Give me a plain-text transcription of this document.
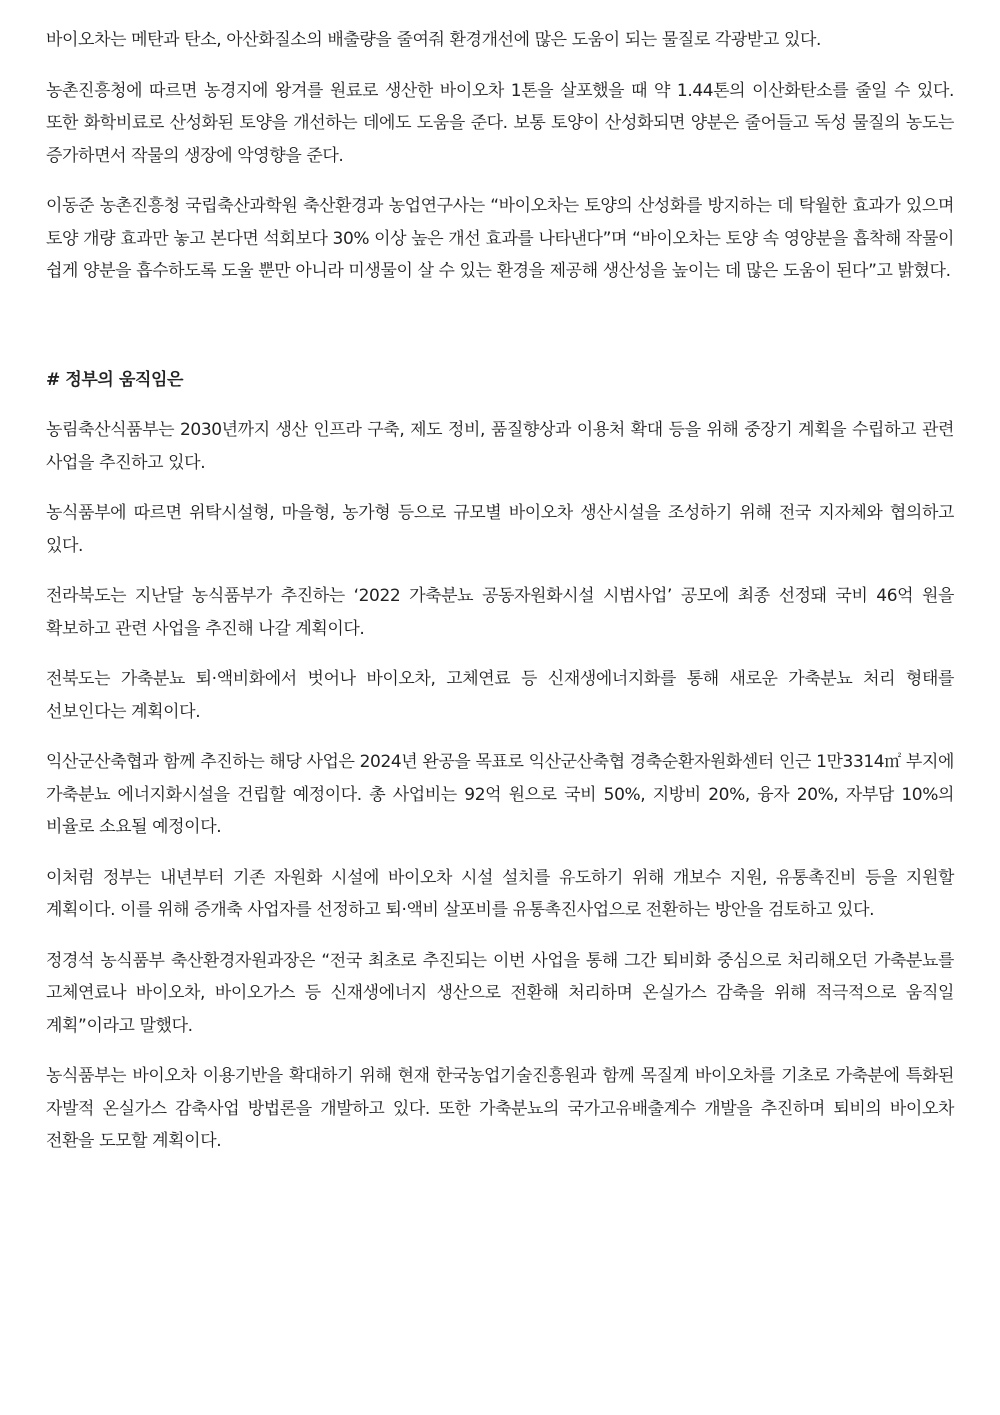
바이오차는 메탄과 탄소, 아산화질소의 배출량을 줄여줘 환경개선에 많은 도움이 되는 물질로 각광받고 있다.

농촌진흥청에 따르면 농경지에 왕겨를 원료로 생산한 바이오차 1톤을 살포했을 때 약 1.44톤의 이산화탄소를 줄일 수 있다. 또한 화학비료로 산성화된 토양을 개선하는 데에도 도움을 준다. 보통 토양이 산성화되면 양분은 줄어들고 독성 물질의 농도는 증가하면서 작물의 생장에 악영향을 준다.

이동준 농촌진흥청 국립축산과학원 축산환경과 농업연구사는 “바이오차는 토양의 산성화를 방지하는 데 탁월한 효과가 있으며 토양 개량 효과만 놓고 본다면 석회보다 30% 이상 높은 개선 효과를 나타낸다”며 “바이오차는 토양 속 영양분을 흡착해 작물이 쉽게 양분을 흡수하도록 도울 뿐만 아니라 미생물이 살 수 있는 환경을 제공해 생산성을 높이는 데 많은 도움이 된다”고 밝혔다.

# 정부의 움직임은

농림축산식품부는 2030년까지 생산 인프라 구축, 제도 정비, 품질향상과 이용처 확대 등을 위해 중장기 계획을 수립하고 관련 사업을 추진하고 있다.

농식품부에 따르면 위탁시설형, 마을형, 농가형 등으로 규모별 바이오차 생산시설을 조성하기 위해 전국 지자체와 협의하고 있다.

전라북도는 지난달 농식품부가 추진하는 ‘2022 가축분뇨 공동자원화시설 시범사업’ 공모에 최종 선정돼 국비 46억 원을 확보하고 관련 사업을 추진해 나갈 계획이다.

전북도는 가축분뇨 퇴·액비화에서 벗어나 바이오차, 고체연료 등 신재생에너지화를 통해 새로운 가축분뇨 처리 형태를 선보인다는 계획이다.

익산군산축협과 함께 추진하는 해당 사업은 2024년 완공을 목표로 익산군산축협 경축순환자원화센터 인근 1만3314㎡ 부지에 가축분뇨 에너지화시설을 건립할 예정이다. 총 사업비는 92억 원으로 국비 50%, 지방비 20%, 융자 20%, 자부담 10%의 비율로 소요될 예정이다.

이처럼 정부는 내년부터 기존 자원화 시설에 바이오차 시설 설치를 유도하기 위해 개보수 지원, 유통촉진비 등을 지원할 계획이다. 이를 위해 증개축 사업자를 선정하고 퇴·액비 살포비를 유통촉진사업으로 전환하는 방안을 검토하고 있다.

정경석 농식품부 축산환경자원과장은 “전국 최초로 추진되는 이번 사업을 통해 그간 퇴비화 중심으로 처리해오던 가축분뇨를 고체연료나 바이오차, 바이오가스 등 신재생에너지 생산으로 전환해 처리하며 온실가스 감축을 위해 적극적으로 움직일 계획”이라고 말했다.

농식품부는 바이오차 이용기반을 확대하기 위해 현재 한국농업기술진흥원과 함께 목질계 바이오차를 기초로 가축분에 특화된 자발적 온실가스 감축사업 방법론을 개발하고 있다. 또한 가축분뇨의 국가고유배출계수 개발을 추진하며 퇴비의 바이오차 전환을 도모할 계획이다.
